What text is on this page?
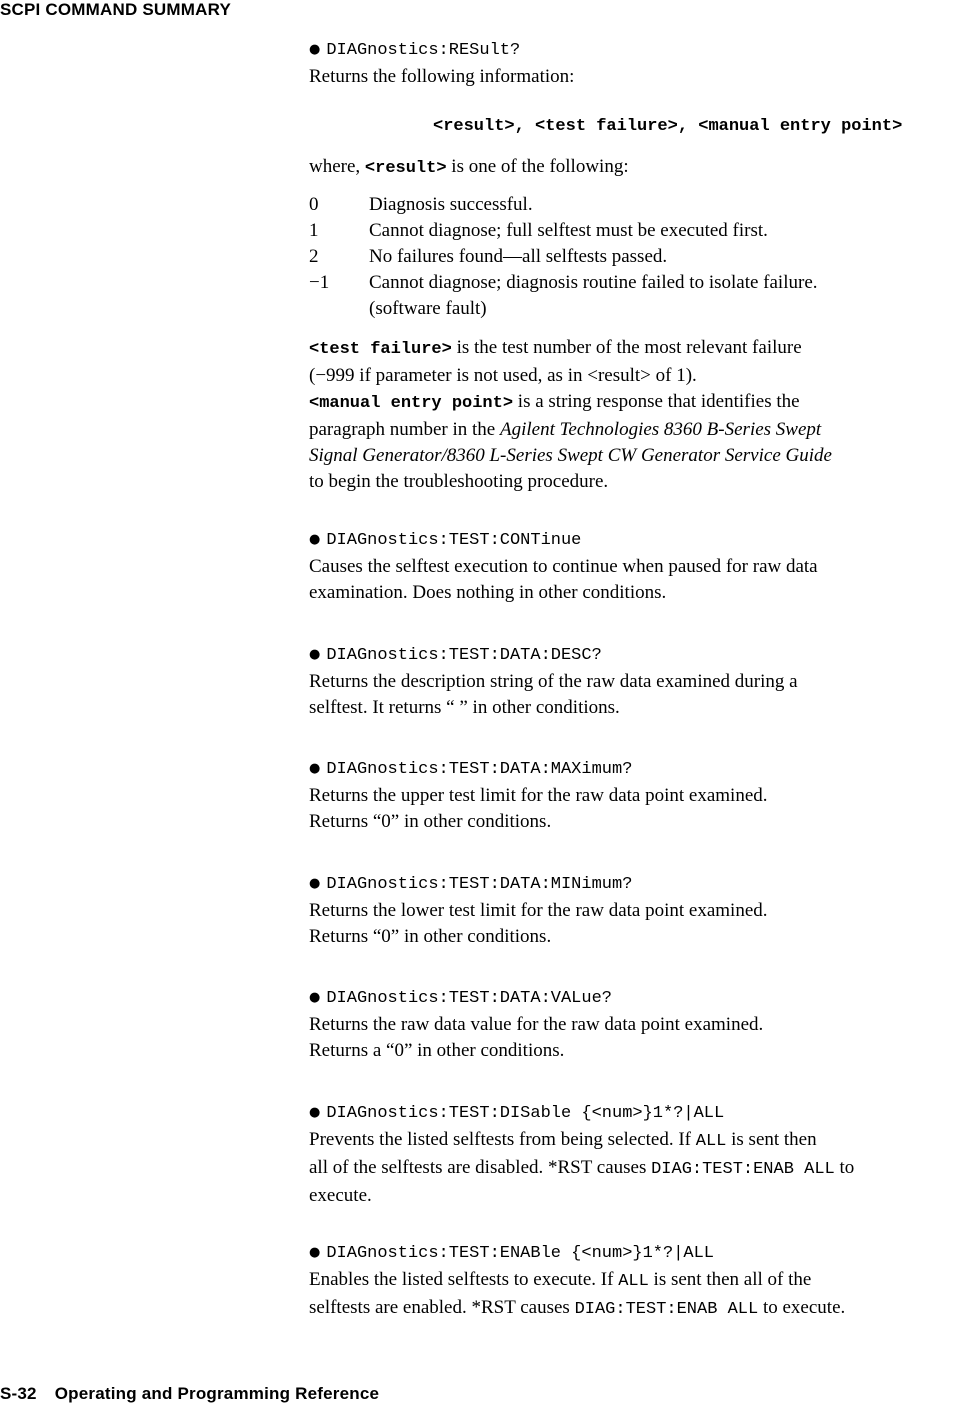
SCPI COMMAND SUMMARY
● DIAGnostics:RESult?
Returns the following information:
<result>, <test failure>, <manual entry point>
where, <result> is one of the following:
0	Diagnosis successful.
1	Cannot diagnose; full selftest must be executed first.
2	No failures found—all selftests passed.
−1	Cannot diagnose; diagnosis routine failed to isolate failure.
(software fault)
<test failure> is the test number of the most relevant failure
(−999 if parameter is not used, as in <result> of 1).
<manual entry point> is a string response that identifies the
paragraph number in the Agilent Technologies 8360 B-Series Swept
Signal Generator/8360 L-Series Swept CW Generator Service Guide
to begin the troubleshooting procedure.
● DIAGnostics:TEST:CONTinue
Causes the selftest execution to continue when paused for raw data
examination. Does nothing in other conditions.
● DIAGnostics:TEST:DATA:DESC?
Returns the description string of the raw data examined during a
selftest. It returns “ ” in other conditions.
● DIAGnostics:TEST:DATA:MAXimum?
Returns the upper test limit for the raw data point examined.
Returns “0” in other conditions.
● DIAGnostics:TEST:DATA:MINimum?
Returns the lower test limit for the raw data point examined.
Returns “0” in other conditions.
● DIAGnostics:TEST:DATA:VALue?
Returns the raw data value for the raw data point examined.
Returns a “0” in other conditions.
● DIAGnostics:TEST:DISable {<num>}1*?|ALL
Prevents the listed selftests from being selected. If ALL is sent then
all of the selftests are disabled. *RST causes DIAG:TEST:ENAB ALL to
execute.
● DIAGnostics:TEST:ENABle {<num>}1*?|ALL
Enables the listed selftests to execute. If ALL is sent then all of the
selftests are enabled. *RST causes DIAG:TEST:ENAB ALL to execute.
S-32 Operating and Programming Reference
